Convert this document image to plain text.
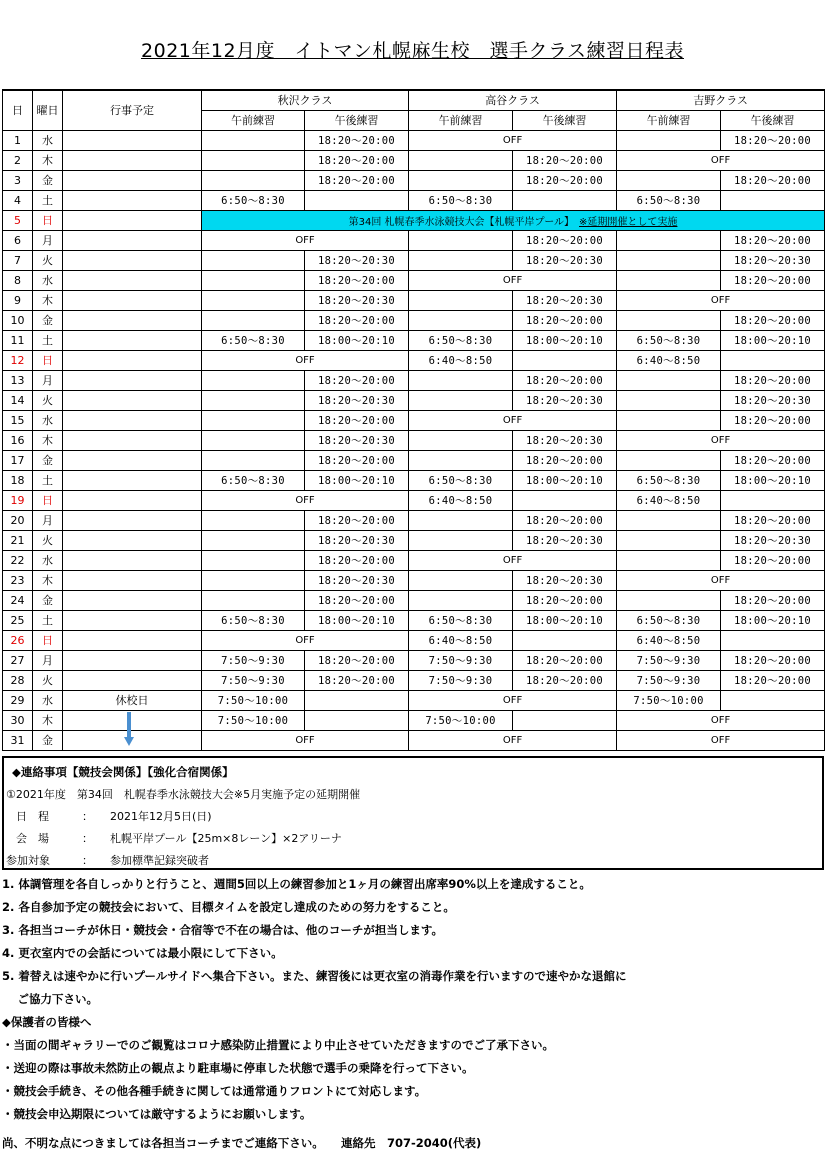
2021年12月度　イトマン札幌麻生校　選手クラス練習日程表
日	曜日	行事予定	秋沢クラス		高谷クラス		吉野クラス	
			午前練習	午後練習	午前練習	午後練習	午前練習	午後練習
1	水			18:20～20:00	OFF			18:20～20:00
2	木			18:20～20:00		18:20～20:00	OFF	
3	金			18:20～20:00		18:20～20:00		18:20～20:00
4	土		6:50～8:30		6:50～8:30		6:50～8:30	
5	日		第34回 札幌春季水泳競技大会【札幌平岸プール】　 ※延期開催として実施					
6	月		OFF			18:20～20:00		18:20～20:00
7	火			18:20～20:30		18:20～20:30		18:20～20:30
8	水			18:20～20:00	OFF			18:20～20:00
9	木			18:20～20:30		18:20～20:30	OFF	
10	金			18:20～20:00		18:20～20:00		18:20～20:00
11	土		6:50～8:30	18:00～20:10	6:50～8:30	18:00～20:10	6:50～8:30	18:00～20:10
12	日		OFF		6:40～8:50		6:40～8:50	
13	月			18:20～20:00		18:20～20:00		18:20～20:00
14	火			18:20～20:30		18:20～20:30		18:20～20:30
15	水			18:20～20:00	OFF			18:20～20:00
16	木			18:20～20:30		18:20～20:30	OFF	
17	金			18:20～20:00		18:20～20:00		18:20～20:00
18	土		6:50～8:30	18:00～20:10	6:50～8:30	18:00～20:10	6:50～8:30	18:00～20:10
19	日		OFF		6:40～8:50		6:40～8:50	
20	月			18:20～20:00		18:20～20:00		18:20～20:00
21	火			18:20～20:30		18:20～20:30		18:20～20:30
22	水			18:20～20:00	OFF			18:20～20:00
23	木			18:20～20:30		18:20～20:30	OFF	
24	金			18:20～20:00		18:20～20:00		18:20～20:00
25	土		6:50～8:30	18:00～20:10	6:50～8:30	18:00～20:10	6:50～8:30	18:00～20:10
26	日		OFF		6:40～8:50		6:40～8:50	
27	月		7:50～9:30	18:20～20:00	7:50～9:30	18:20～20:00	7:50～9:30	18:20～20:00
28	火		7:50～9:30	18:20～20:00	7:50～9:30	18:20～20:00	7:50～9:30	18:20～20:00
29	水	休校日	7:50～10:00		OFF		7:50～10:00	
30	木		7:50～10:00		7:50～10:00		OFF	
31	金		OFF		OFF		OFF	
◆連絡事項【競技会関係】【強化合宿関係】
①2021年度　第34回　札幌春季水泳競技大会※5月実施予定の延期開催
日　程	： 2021年12月5日(日)
会　場	： 札幌平岸プール【25m×8レーン】×2アリーナ
参加対象	： 参加標準記録突破者
1. 体調管理を各自しっかりと行うこと、週間5回以上の練習参加と1ヶ月の練習出席率90%以上を達成すること。
2. 各自参加予定の競技会において、目標タイムを設定し達成のための努力をすること。
3. 各担当コーチが休日・競技会・合宿等で不在の場合は、他のコーチが担当します。
4. 更衣室内での会話については最小限にして下さい。
5. 着替えは速やかに行いプールサイドへ集合下さい。また、練習後には更衣室の消毒作業を行いますので速やかな退館に
　 ご協力下さい。
◆保護者の皆様へ
・当面の間ギャラリーでのご観覧はコロナ感染防止措置により中止させていただきますのでご了承下さい。
・送迎の際は事故未然防止の観点より駐車場に停車した状態で選手の乗降を行って下さい。
・競技会手続き、その他各種手続きに関しては通常通りフロントにて対応します。
・競技会申込期限については厳守するようにお願いします。
尚、不明な点につきましては各担当コーチまでご連絡下さい。　　連絡先　707-2040(代表)
